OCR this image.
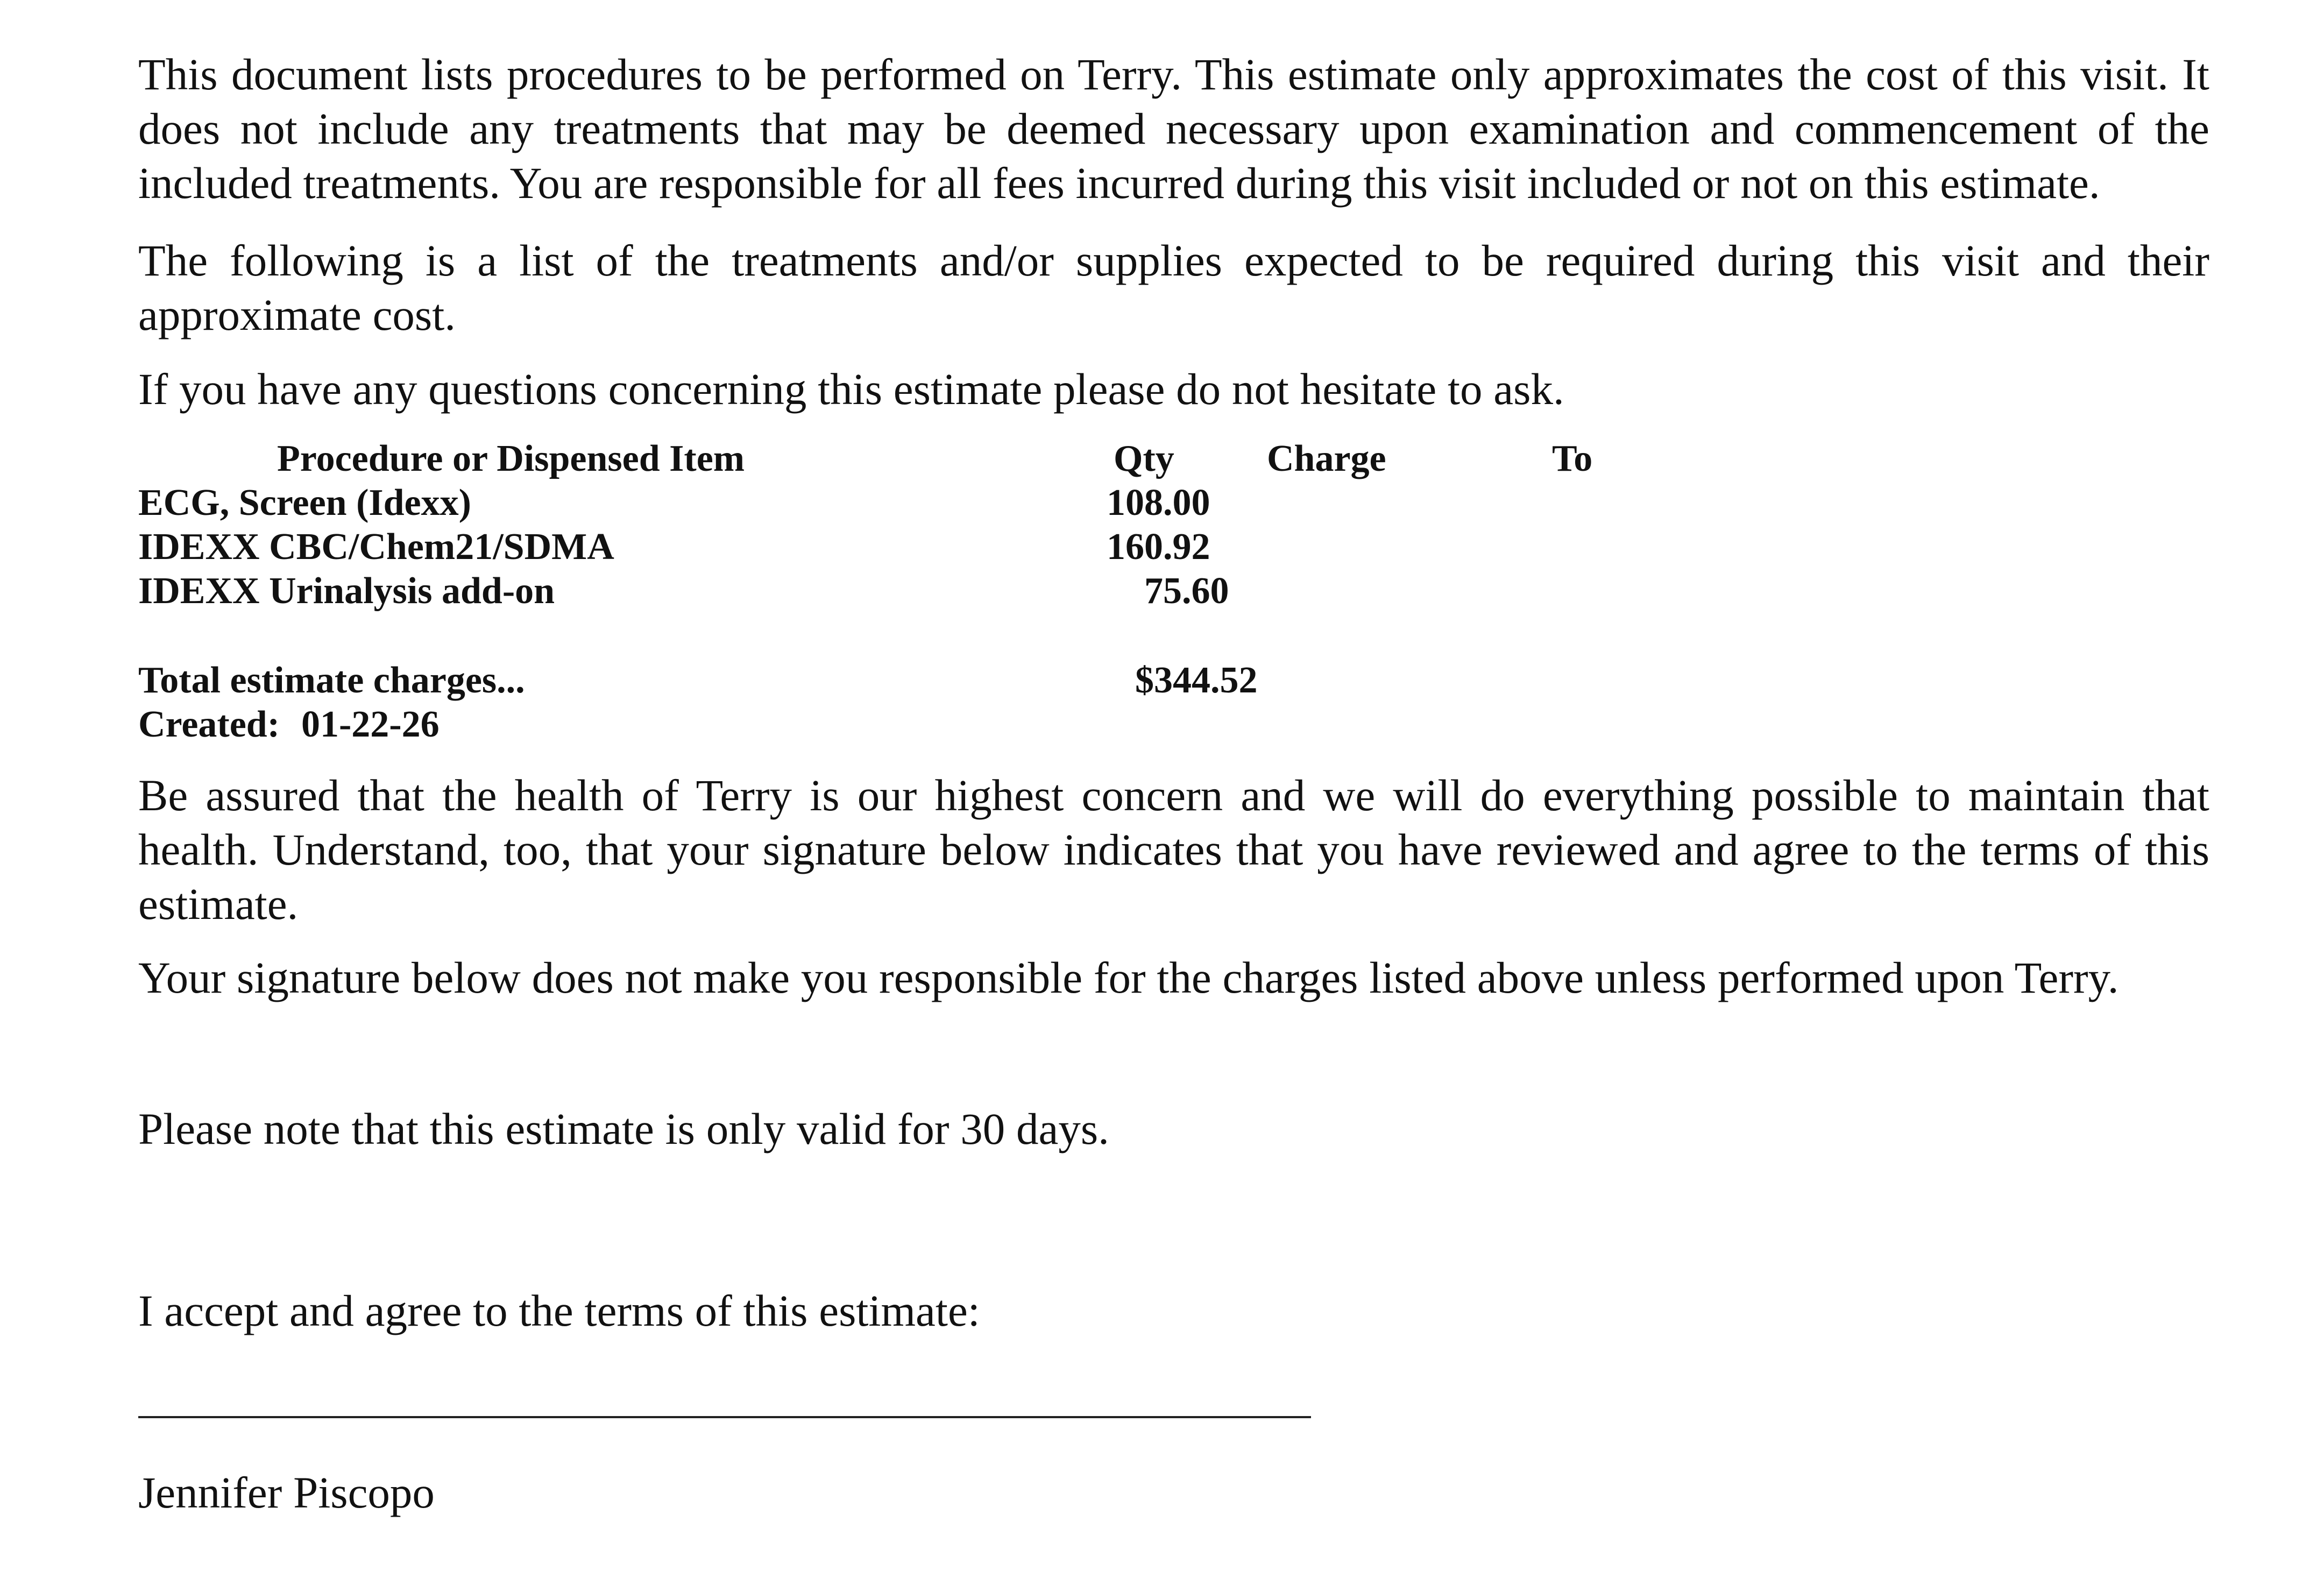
This document lists procedures to be performed on Terry. This estimate only approximates the cost of this visit. It does not include any treatments that may be deemed necessary upon examination and commencement of the included treatments. You are responsible for all fees incurred during this visit included or not on this estimate.

The following is a list of the treatments and/or supplies expected to be required during this visit and their approximate cost.

If you have any questions concerning this estimate please do not hesitate to ask.

Procedure or Dispensed Item	Qty Charge	To
ECG, Screen (Idexx)	108.00
IDEXX CBC/Chem21/SDMA	160.92
IDEXX Urinalysis add-on	75.60
Total estimate charges...	$344.52
Created: 01-22-26

Be assured that the health of Terry is our highest concern and we will do everything possible to maintain that health. Understand, too, that your signature below indicates that you have reviewed and agree to the terms of this estimate.

Your signature below does not make you responsible for the charges listed above unless performed upon Terry.

Please note that this estimate is only valid for 30 days.

I accept and agree to the terms of this estimate:

Jennifer Piscopo
